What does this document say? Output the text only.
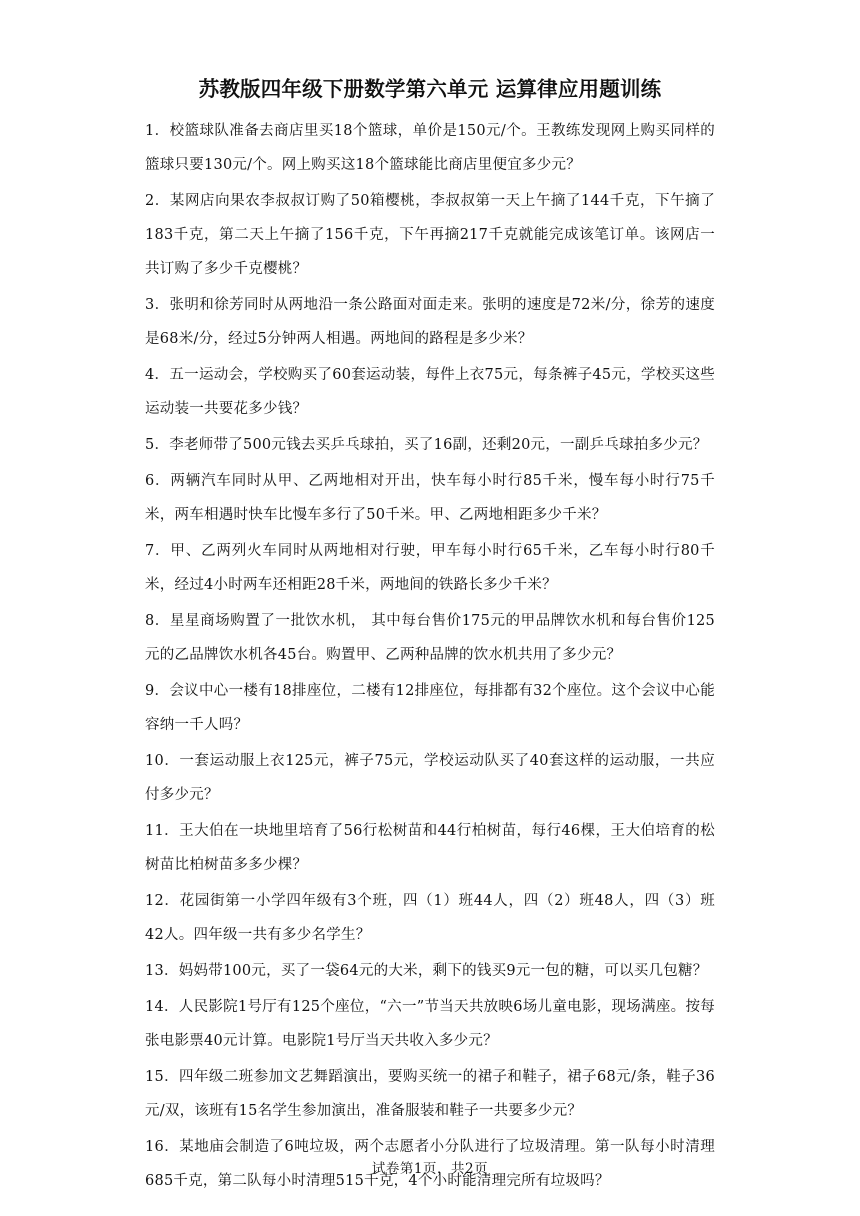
苏教版四年级下册数学第六单元 运算律应用题训练

1．校篮球队准备去商店里买18个篮球，单价是150元/个。王教练发现网上购买同样的篮球只要130元/个。网上购买这18个篮球能比商店里便宜多少元？

2．某网店向果农李叔叔订购了50箱樱桃，李叔叔第一天上午摘了144千克，下午摘了183千克，第二天上午摘了156千克，下午再摘217千克就能完成该笔订单。该网店一共订购了多少千克樱桃？

3．张明和徐芳同时从两地沿一条公路面对面走来。张明的速度是72米/分，徐芳的速度是68米/分，经过5分钟两人相遇。两地间的路程是多少米？

4．五一运动会，学校购买了60套运动装，每件上衣75元，每条裤子45元，学校买这些运动装一共要花多少钱？

5．李老师带了500元钱去买乒乓球拍，买了16副，还剩20元，一副乒乓球拍多少元？

6．两辆汽车同时从甲、乙两地相对开出，快车每小时行85千米，慢车每小时行75千米，两车相遇时快车比慢车多行了50千米。甲、乙两地相距多少千米？

7．甲、乙两列火车同时从两地相对行驶，甲车每小时行65千米，乙车每小时行80千米，经过4小时两车还相距28千米，两地间的铁路长多少千米？

8．星星商场购置了一批饮水机， 其中每台售价175元的甲品牌饮水机和每台售价125元的乙品牌饮水机各45台。购置甲、乙两种品牌的饮水机共用了多少元？

9．会议中心一楼有18排座位，二楼有12排座位，每排都有32个座位。这个会议中心能容纳一千人吗？

10．一套运动服上衣125元，裤子75元，学校运动队买了40套这样的运动服，一共应付多少元？

11．王大伯在一块地里培育了56行松树苗和44行柏树苗，每行46棵，王大伯培育的松树苗比柏树苗多多少棵？

12．花园街第一小学四年级有3个班，四（1）班44人，四（2）班48人，四（3）班42人。四年级一共有多少名学生？

13．妈妈带100元，买了一袋64元的大米，剩下的钱买9元一包的糖，可以买几包糖？

14．人民影院1号厅有125个座位，“六一”节当天共放映6场儿童电影，现场满座。按每张电影票40元计算。电影院1号厅当天共收入多少元？

15．四年级二班参加文艺舞蹈演出，要购买统一的裙子和鞋子，裙子68元/条，鞋子36元/双，该班有15名学生参加演出，准备服装和鞋子一共要多少元？

16．某地庙会制造了6吨垃圾，两个志愿者小分队进行了垃圾清理。第一队每小时清理685千克，第二队每小时清理515千克，4个小时能清理完所有垃圾吗？

试卷第1页，共2页
